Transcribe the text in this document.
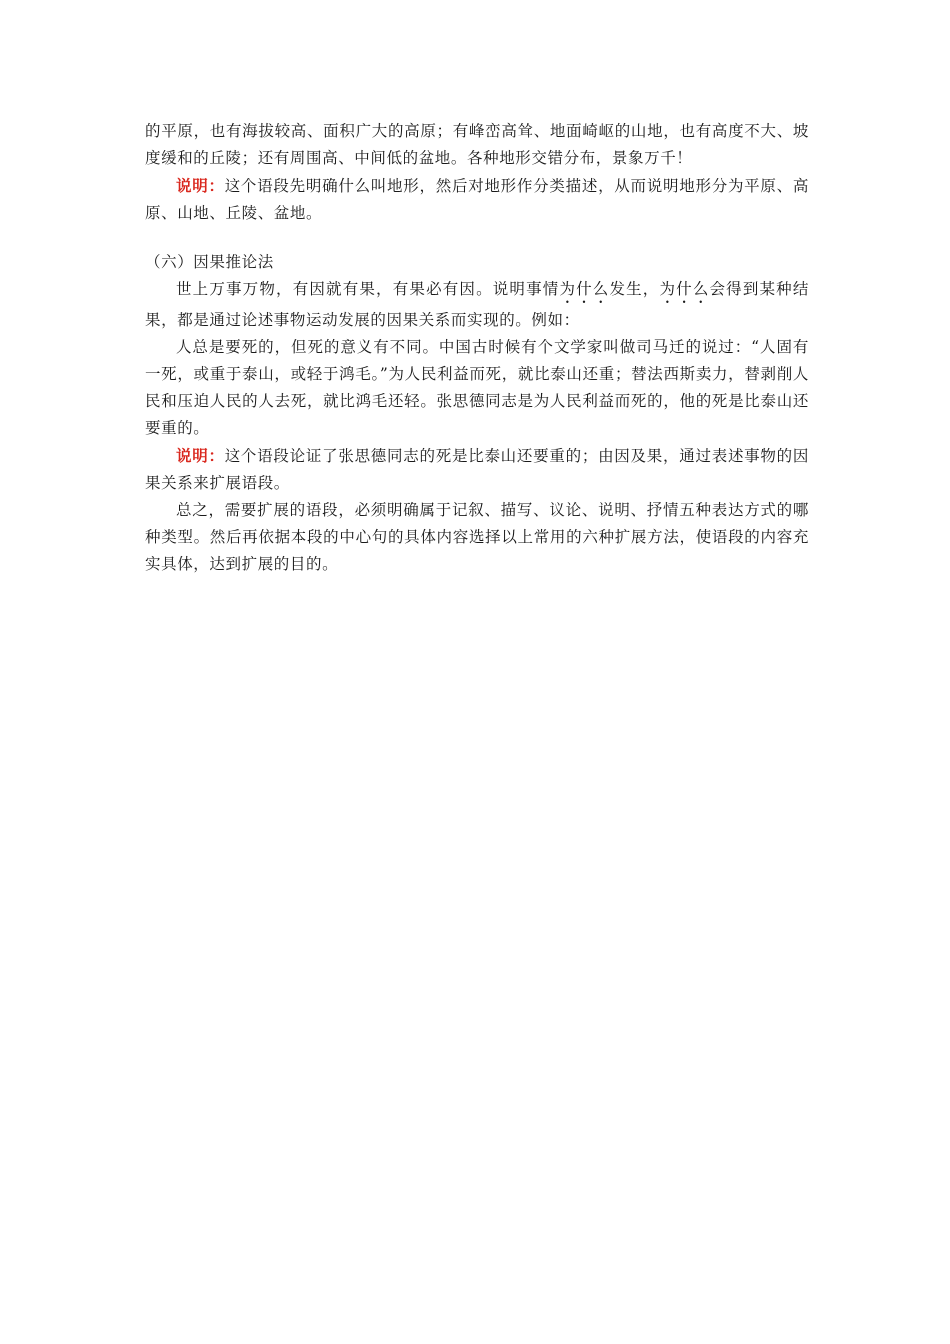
的平原，也有海拔较高、面积广大的高原；有峰峦高耸、地面崎岖的山地，也有高度不大、坡度缓和的丘陵；还有周围高、中间低的盆地。各种地形交错分布，景象万千！

说明：这个语段先明确什么叫地形，然后对地形作分类描述，从而说明地形分为平原、高原、山地、丘陵、盆地。

（六）因果推论法

世上万事万物，有因就有果，有果必有因。说明事情为什么发生，为什么会得到某种结果，都是通过论述事物运动发展的因果关系而实现的。例如：

人总是要死的，但死的意义有不同。中国古时候有个文学家叫做司马迁的说过：“人固有一死，或重于泰山，或轻于鸿毛。”为人民利益而死，就比泰山还重；替法西斯卖力，替剥削人民和压迫人民的人去死，就比鸿毛还轻。张思德同志是为人民利益而死的，他的死是比泰山还要重的。

说明：这个语段论证了张思德同志的死是比泰山还要重的；由因及果，通过表述事物的因果关系来扩展语段。

总之，需要扩展的语段，必须明确属于记叙、描写、议论、说明、抒情五种表达方式的哪种类型。然后再依据本段的中心句的具体内容选择以上常用的六种扩展方法，使语段的内容充实具体，达到扩展的目的。
